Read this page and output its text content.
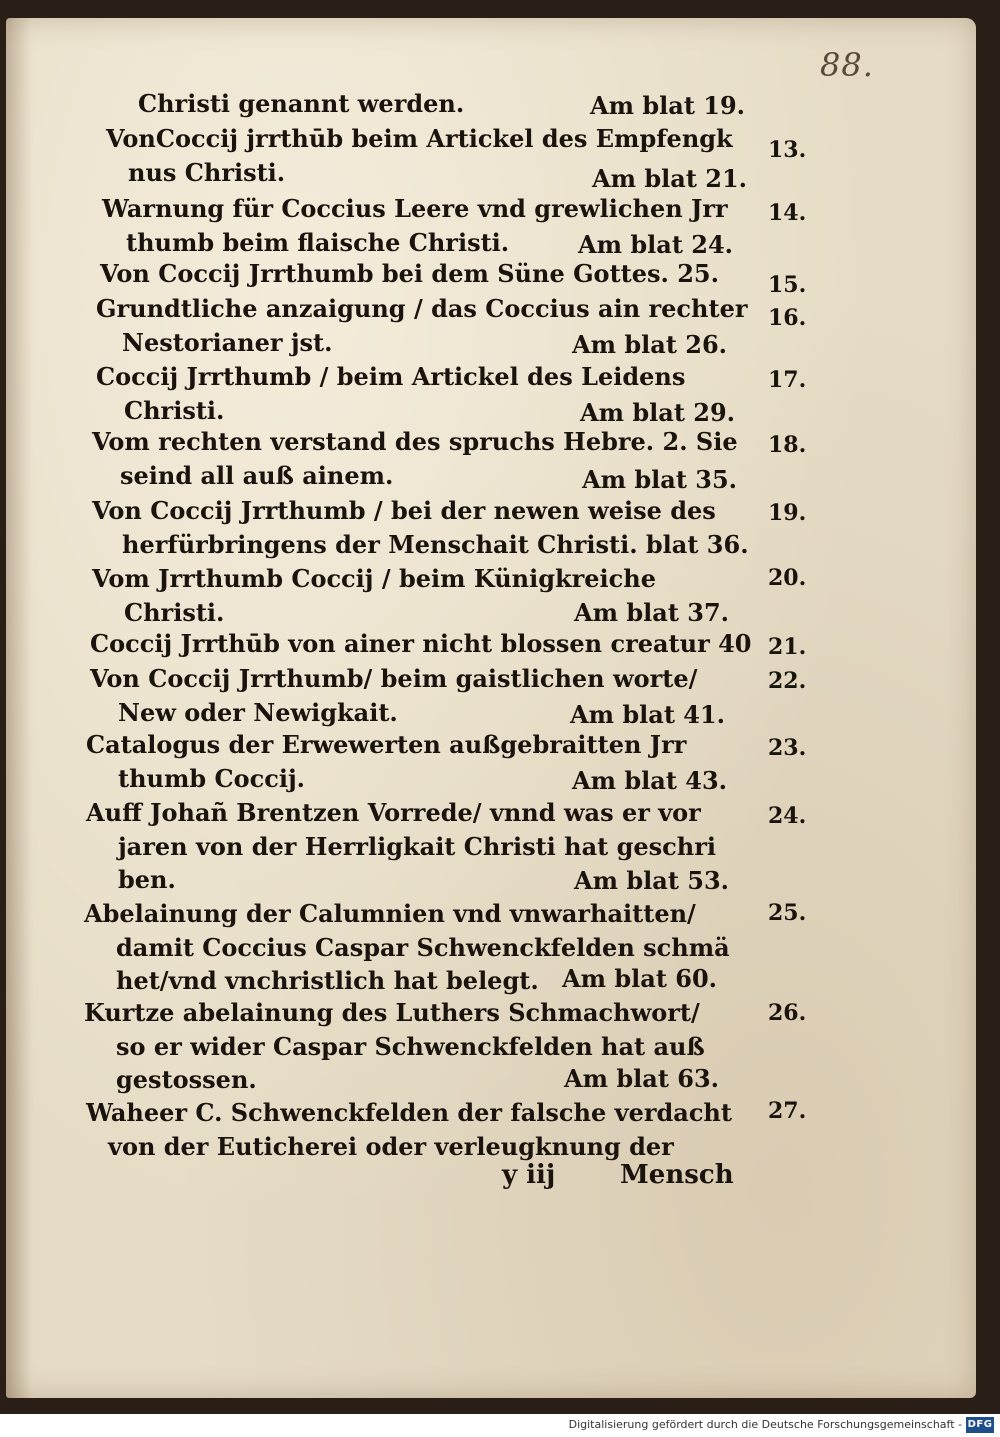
88.
Christi genannt werden.	Am blat 19.
VonCoccij jrrthūb beim Artickel des Empfengk
nus Christi.	Am blat 21.
13.
Warnung für Coccius Leere vnd grewlichen Jrr
thumb beim flaische Christi.	Am blat 24.
14.
Von Coccij Jrrthumb bei dem Süne Gottes. 25. 15.
Grundtliche anzaigung / das Coccius ain rechter
Nestorianer jst.	Am blat 26.
16.
Coccij Jrrthumb / beim Artickel des Leidens
Christi.	Am blat 29.
17.
Vom rechten verstand des spruchs Hebre. 2. Sie
seind all auß ainem.	Am blat 35.
18.
Von Coccij Jrrthumb / bei der newen weise des
herfürbringens der Menschait Christi. blat 36.
19.
Vom Jrrthumb Coccij / beim Künigkreiche
Christi.	Am blat 37.
20.
Coccij Jrrthūb von ainer nicht blossen creatur 40 21.
Von Coccij Jrrthumb/ beim gaistlichen worte/
New oder Newigkait.	Am blat 41.
22.
Catalogus der Erwewerten außgebraitten Jrr
thumb Coccij.	Am blat 43.
23.
Auff Johañ Brentzen Vorrede/ vnnd was er vor
jaren von der Herrligkait Christi hat geschri
ben.	Am blat 53.
24.
Abelainung der Calumnien vnd vnwarhaitten/
damit Coccius Caspar Schwenckfelden schmä
het/vnd vnchristlich hat belegt. Am blat 60.
25.
Kurtze abelainung des Luthers Schmachwort/
so er wider Caspar Schwenckfelden hat auß
gestossen.	Am blat 63.
26.
Waheer C. Schwenckfelden der falsche verdacht
von der Euticherei oder verleugknung der
27.
y iij Mensch
Digitalisierung gefördert durch die Deutsche Forschungsgemeinschaft - DFG
